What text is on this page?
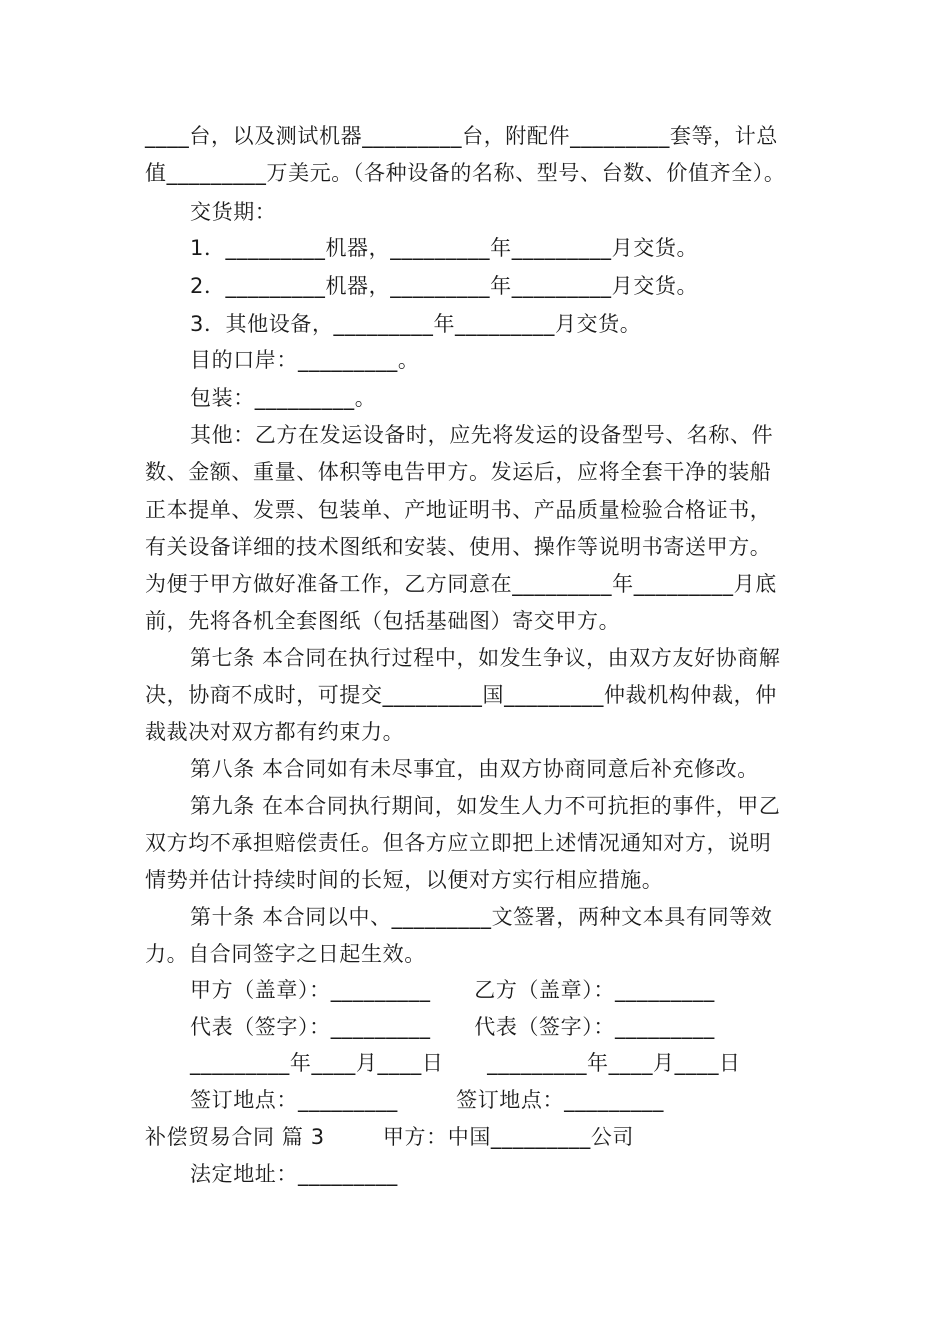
____台，以及测试机器_________台，附配件_________套等，计总
值_________万美元。（各种设备的名称、型号、台数、价值齐全）。
交货期：
1．_________机器，_________年_________月交货。
2．_________机器，_________年_________月交货。
3．其他设备，_________年_________月交货。
目的口岸：_________。
包装：_________。
其他：乙方在发运设备时，应先将发运的设备型号、名称、件
数、金额、重量、体积等电告甲方。发运后，应将全套干净的装船
正本提单、发票、包装单、产地证明书、产品质量检验合格证书，
有关设备详细的技术图纸和安装、使用、操作等说明书寄送甲方。
为便于甲方做好准备工作，乙方同意在_________年_________月底
前，先将各机全套图纸（包括基础图）寄交甲方。
第七条 本合同在执行过程中，如发生争议，由双方友好协商解
决，协商不成时，可提交_________国_________仲裁机构仲裁，仲
裁裁决对双方都有约束力。
第八条 本合同如有未尽事宜，由双方协商同意后补充修改。
第九条 在本合同执行期间，如发生人力不可抗拒的事件，甲乙
双方均不承担赔偿责任。但各方应立即把上述情况通知对方，说明
情势并估计持续时间的长短，以便对方实行相应措施。
第十条 本合同以中、_________文签署，两种文本具有同等效
力。自合同签字之日起生效。
甲方（盖章）：_________      乙方（盖章）：_________
代表（签字）：_________      代表（签字）：_________
_________年____月____日      _________年____月____日
签订地点：_________        签订地点：_________
补偿贸易合同 篇 3        甲方：中国_________公司
法定地址：_________
